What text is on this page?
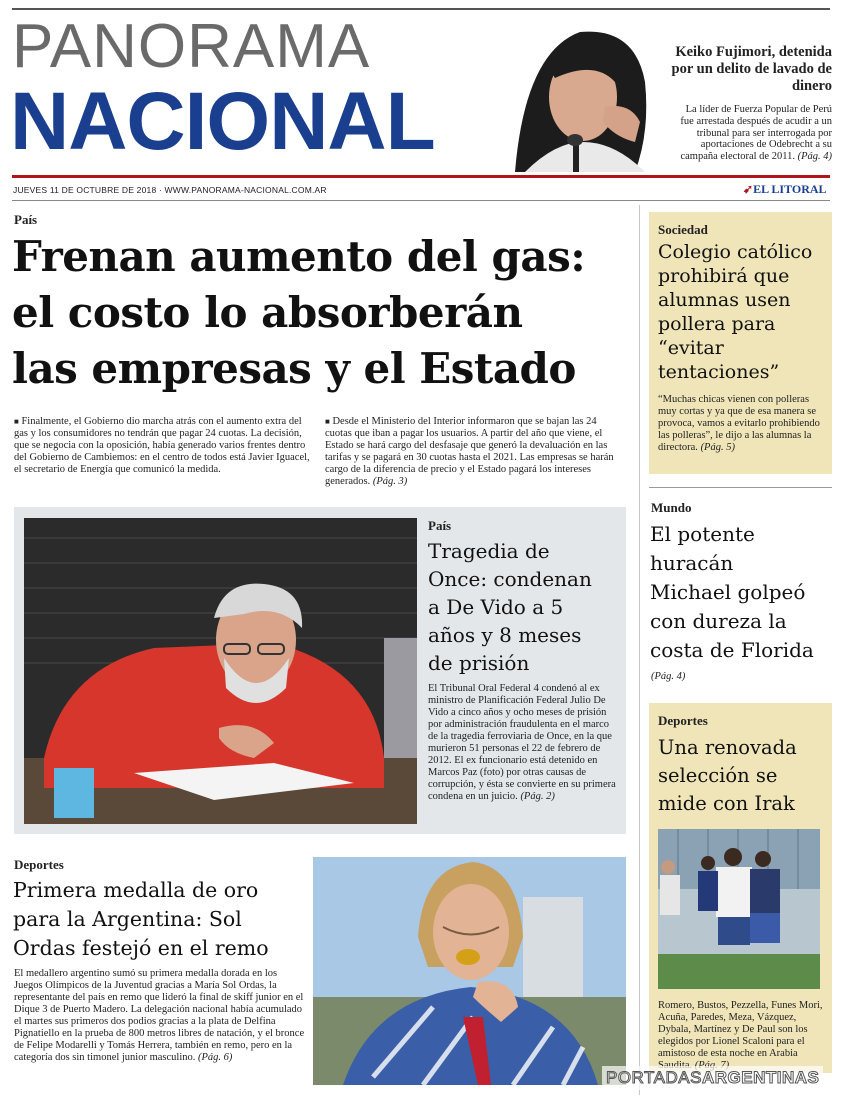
PANORAMA
NACIONAL
Keiko Fujimori, detenida por un delito de lavado de dinero
La líder de Fuerza Popular de Perú fue arrestada después de acudir a un tribunal para ser interrogada por aportaciones de Odebrecht a su campaña electoral de 2011. (Pág. 4)
JUEVES 11 DE OCTUBRE DE 2018 · WWW.PANORAMA-NACIONAL.COM.AR	➹EL LITORAL
País
Frenan aumento del gas:
el costo lo absorberán
las empresas y el Estado
■ Finalmente, el Gobierno dio marcha atrás con el aumento extra del gas y los consumidores no tendrán que pagar 24 cuotas. La decisión, que se negocia con la oposición, había generado varios frentes dentro del Gobierno de Cambiemos: en el centro de todos está Javier Iguacel, el secretario de Energía que comunicó la medida.
■ Desde el Ministerio del Interior informaron que se bajan las 24 cuotas que iban a pagar los usuarios. A partir del año que viene, el Estado se hará cargo del desfasaje que generó la devaluación en las tarifas y se pagará en 30 cuotas hasta el 2021. Las empresas se harán cargo de la diferencia de precio y el Estado pagará los intereses generados. (Pág. 3)
Sociedad
Colegio católico
prohibirá que
alumnas usen
pollera para
“evitar
tentaciones”
“Muchas chicas vienen con polleras muy cortas y ya que de esa manera se provoca, vamos a evitarlo prohibiendo las polleras”, le dijo a las alumnas la directora. (Pág. 5)
País
Tragedia de
Once: condenan
a De Vido a 5
años y 8 meses
de prisión
El Tribunal Oral Federal 4 condenó al ex ministro de Planificación Federal Julio De Vido a cinco años y ocho meses de prisión por administración fraudulenta en el marco de la tragedia ferroviaria de Once, en la que murieron 51 personas el 22 de febrero de 2012. El ex funcionario está detenido en Marcos Paz (foto) por otras causas de corrupción, y ésta se convierte en su primera condena en un juicio. (Pág. 2)
Mundo
El potente
huracán
Michael golpeó
con dureza la
costa de Florida
(Pág. 4)
Deportes
Una renovada
selección se
mide con Irak
Romero, Bustos, Pezzella, Funes Mori, Acuña, Paredes, Meza, Vázquez, Dybala, Martínez y De Paul son los elegidos por Lionel Scaloni para el amistoso de esta noche en Arabia
Deportes
Primera medalla de oro
para la Argentina: Sol
Ordas festejó en el remo
El medallero argentino sumó su primera medalla dorada en los Juegos Olímpicos de la Juventud gracias a María Sol Ordas, la representante del país en remo que lideró la final de skiff junior en el Dique 3 de Puerto Madero. La delegación nacional había acumulado el martes sus primeros dos podios gracias a la plata de Delfina Pignatiello en la prueba de 800 metros libres de natación, y el bronce de Felipe Modarelli y Tomás Herrera, también en remo, pero en la categoría dos sin timonel junior masculino. (Pág. 6)
PORTADASARGENTINAS
